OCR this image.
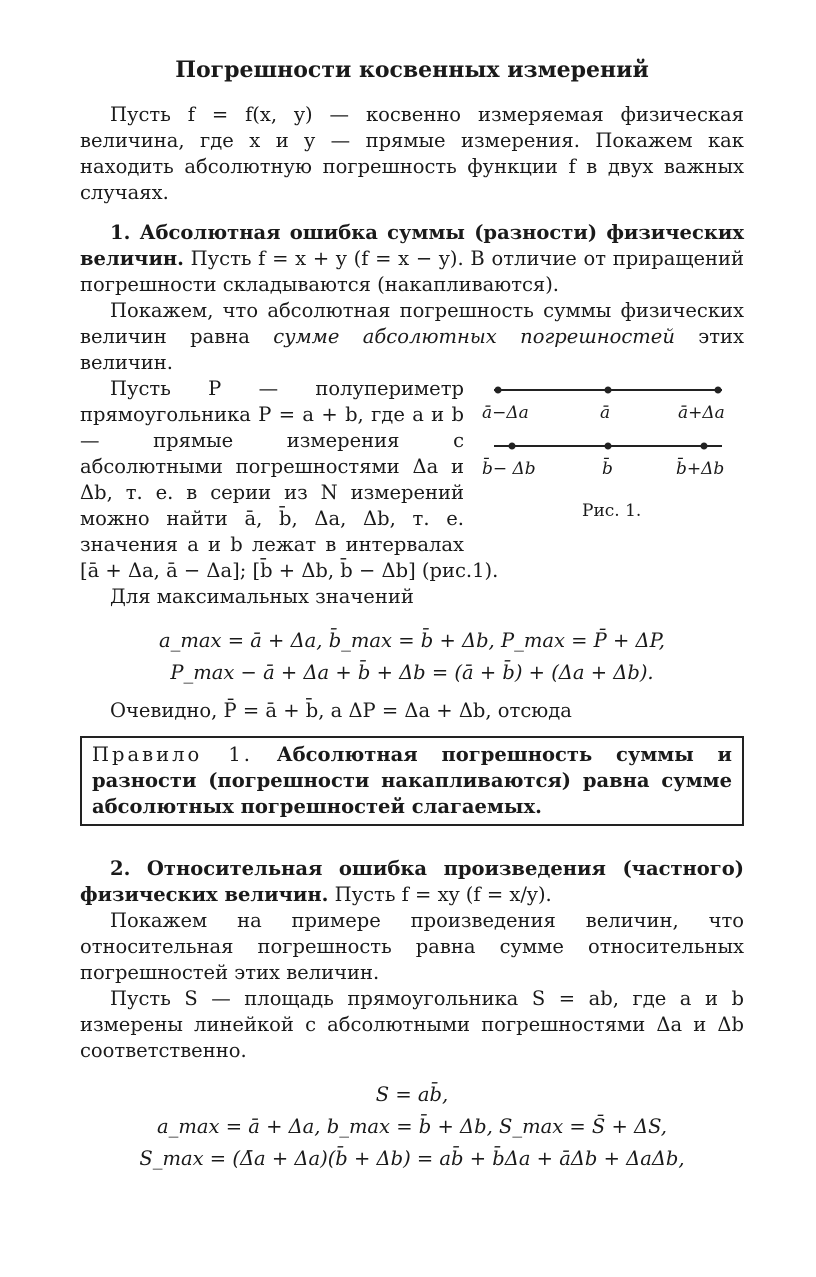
Погрешности косвенных измерений

Пусть f = f(x, y) — косвенно измеряемая физическая величина, где x и y — прямые измерения. Покажем как находить абсолютную погрешность функции f в двух важных случаях.

1. Абсолютная ошибка суммы (разности) физических величин. Пусть f = x + y (f = x − y). В отличие от приращений погрешности складываются (накапливаются).

Покажем, что абсолютная погрешность суммы физических величин равна сумме абсолютных погрешностей этих величин.

ā−Δa	ā	ā+Δa
b̄− Δb	b̄	b̄+Δb
Рис. 1.

Пусть P — полупериметр прямоугольника P = a + b, где a и b — прямые измерения с абсолютными погрешностями Δa и Δb, т. е. в серии из N измерений можно найти ā, b̄, Δa, Δb, т. е. значения a и b лежат в интервалах [ā + Δa, ā − Δa]; [b̄ + Δb, b̄ − Δb] (рис.1).

Для максимальных значений

a_max = ā + Δa, b̄_max = b̄ + Δb, P_max = P̄ + ΔP,

P_max − ā + Δa + b̄ + Δb = (ā + b̄) + (Δa + Δb).

Очевидно, P̄ = ā + b̄, а ΔP = Δa + Δb, отсюда

Правило 1. Абсолютная погрешность суммы и разности (погрешности накапливаются) равна сумме абсолютных погрешностей слагаемых.

2. Относительная ошибка произведения (частного) физических величин. Пусть f = xy (f = x/y).

Покажем на примере произведения величин, что относительная погрешность равна сумме относительных погрешностей этих величин.

Пусть S — площадь прямоугольника S = ab, где a и b измерены линейкой с абсолютными погрешностями Δa и Δb соответственно.

S = ab̄,

a_max = ā + Δa, b_max = b̄ + Δb, S_max = S̄ + ΔS,

S_max = (Δ̄a + Δa)(b̄ + Δb) = ab̄ + b̄Δa + āΔb + ΔaΔb,
